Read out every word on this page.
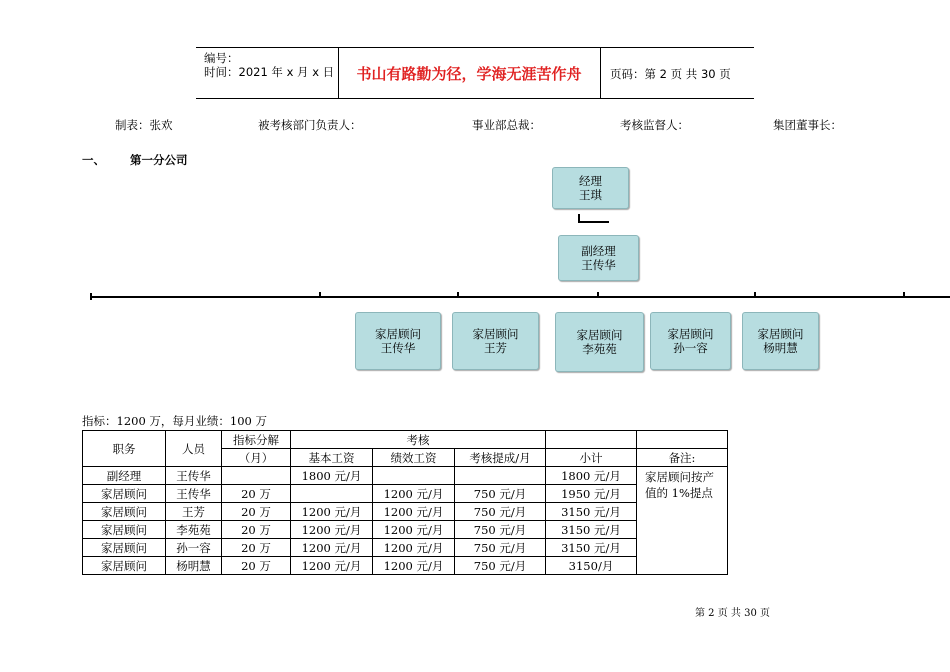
编号：
时间：2021 年 x 月 x 日	书山有路勤为径，学海无涯苦作舟	页码：第 2 页 共 30 页
制表：张欢	被考核部门负责人：	事业部总裁：	考核监督人：	集团董事长：
一、 第一分公司
经理
王琪
副经理
王传华
家居顾问
王传华
家居顾问
王芳
家居顾问
李苑苑
家居顾问
孙一容
家居顾问
杨明慧
指标：1200 万，每月业绩：100 万
职务	人员	指标分解	考核				
		（月）	基本工资	绩效工资	考核提成/月	小计	备注:
副经理	王传华		1800 元/月			1800 元/月	家居顾问按产值的 1%提点
家居顾问	王传华	20 万		1200 元/月	750 元/月	1950 元/月	
家居顾问	王芳	20 万	1200 元/月	1200 元/月	750 元/月	3150 元/月	
家居顾问	李苑苑	20 万	1200 元/月	1200 元/月	750 元/月	3150 元/月	
家居顾问	孙一容	20 万	1200 元/月	1200 元/月	750 元/月	3150 元/月	
家居顾问	杨明慧	20 万	1200 元/月	1200 元/月	750 元/月	3150/月	
第 2 页 共 30 页
